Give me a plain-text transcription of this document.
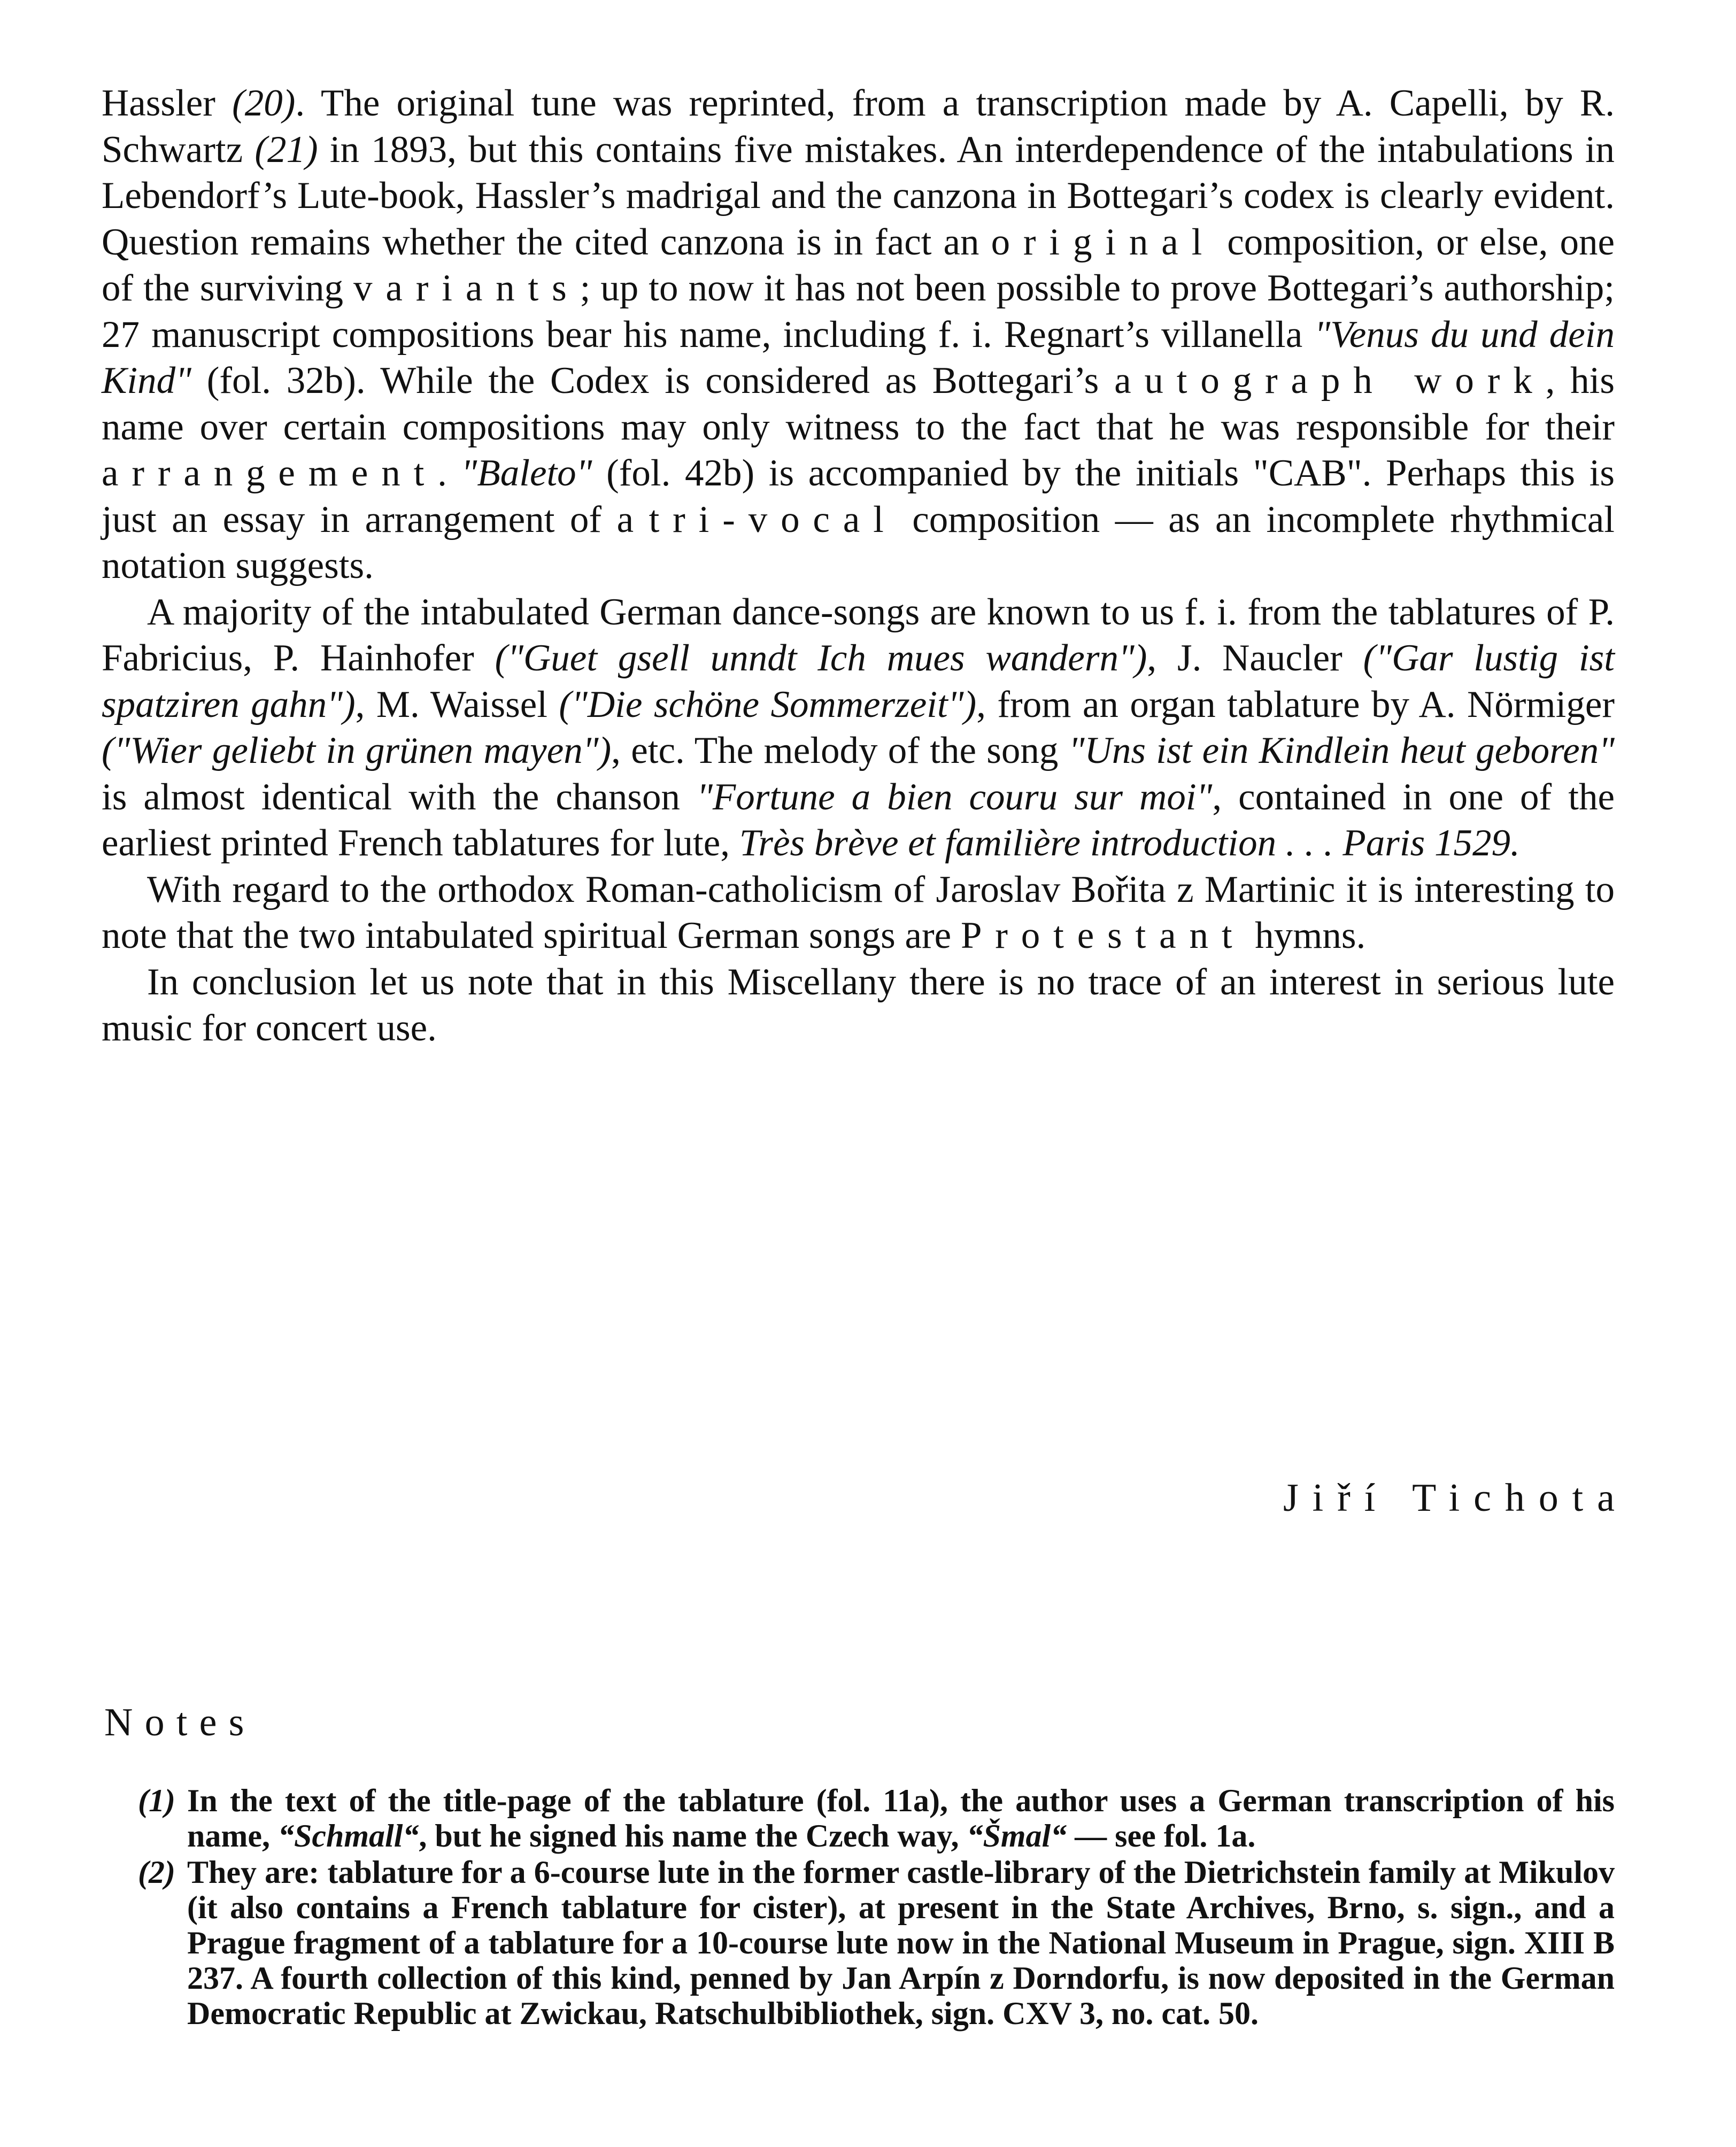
Hassler (20). The original tune was reprinted, from a transcription made by A. Capelli, by R. Schwartz (21) in 1893, but this contains five mistakes. An interdependence of the intabulations in Lebendorf’s Lute-book, Hassler’s madrigal and the canzona in Bottegari’s codex is clearly evident. Question remains whether the cited canzona is in fact an original composition, or else, one of the surviving variants; up to now it has not been possible to prove Bottegari’s authorship; 27 manuscript compositions bear his name, including f. i. Regnart’s villanella "Venus du und dein Kind" (fol. 32b). While the Codex is considered as Bottegari’s autograph work, his name over certain compositions may only witness to the fact that he was responsible for their arrangement. "Baleto" (fol. 42b) is accompanied by the initials "CAB". Perhaps this is just an essay in arrangement of a tri-vocal composition — as an incomplete rhythmical notation suggests.

A majority of the intabulated German dance-songs are known to us f. i. from the tablatures of P. Fabricius, P. Hainhofer ("Guet gsell unndt Ich mues wandern"), J. Naucler ("Gar lustig ist spatziren gahn"), M. Waissel ("Die schöne Sommerzeit"), from an organ tablature by A. Nörmiger ("Wier geliebt in grünen mayen"), etc. The melody of the song "Uns ist ein Kindlein heut geboren" is almost identical with the chanson "Fortune a bien couru sur moi", contained in one of the earliest printed French tablatures for lute, Très brève et familière introduction . . . Paris 1529.

With regard to the orthodox Roman-catholicism of Jaroslav Bořita z Martinic it is interesting to note that the two intabulated spiritual German songs are Protestant hymns.

In conclusion let us note that in this Miscellany there is no trace of an interest in serious lute music for concert use.

Jiří Tichota
Notes
(1) In the text of the title-page of the tablature (fol. 11a), the author uses a German transcription of his name, “Schmall“, but he signed his name the Czech way, “Šmal“ — see fol. 1a.
(2) They are: tablature for a 6-course lute in the former castle-library of the Dietrichstein family at Mikulov (it also contains a French tablature for cister), at present in the State Archives, Brno, s. sign., and a Prague fragment of a tablature for a 10-course lute now in the National Museum in Prague, sign. XIII B 237. A fourth collection of this kind, penned by Jan Arpín z Dorndorfu, is now deposited in the German Democratic Republic at Zwickau, Ratschulbibliothek, sign. CXV 3, no. cat. 50.
